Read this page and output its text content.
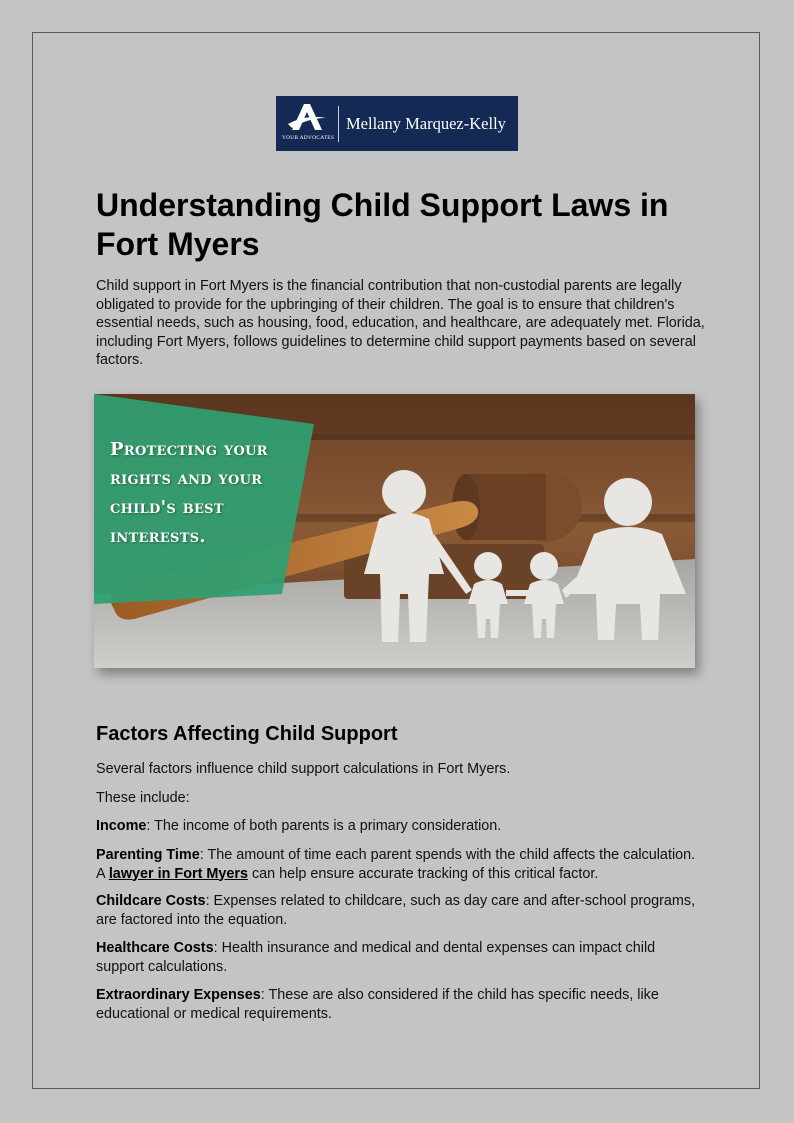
YOUR ADVOCATES
Mellany Marquez-Kelly
Understanding Child Support Laws in Fort Myers

Child support in Fort Myers is the financial contribution that non-custodial parents are legally obligated to provide for the upbringing of their children. The goal is to ensure that children's essential needs, such as housing, food, education, and healthcare, are adequately met. Florida, including Fort Myers, follows guidelines to determine child support payments based on several factors.

Protecting your rights and your child's best interests.
Factors Affecting Child Support

Several factors influence child support calculations in Fort Myers.

These include:

Income: The income of both parents is a primary consideration.

Parenting Time: The amount of time each parent spends with the child affects the calculation. A lawyer in Fort Myers can help ensure accurate tracking of this critical factor.

Childcare Costs: Expenses related to childcare, such as day care and after-school programs, are factored into the equation.

Healthcare Costs: Health insurance and medical and dental expenses can impact child support calculations.

Extraordinary Expenses: These are also considered if the child has specific needs, like educational or medical requirements.
